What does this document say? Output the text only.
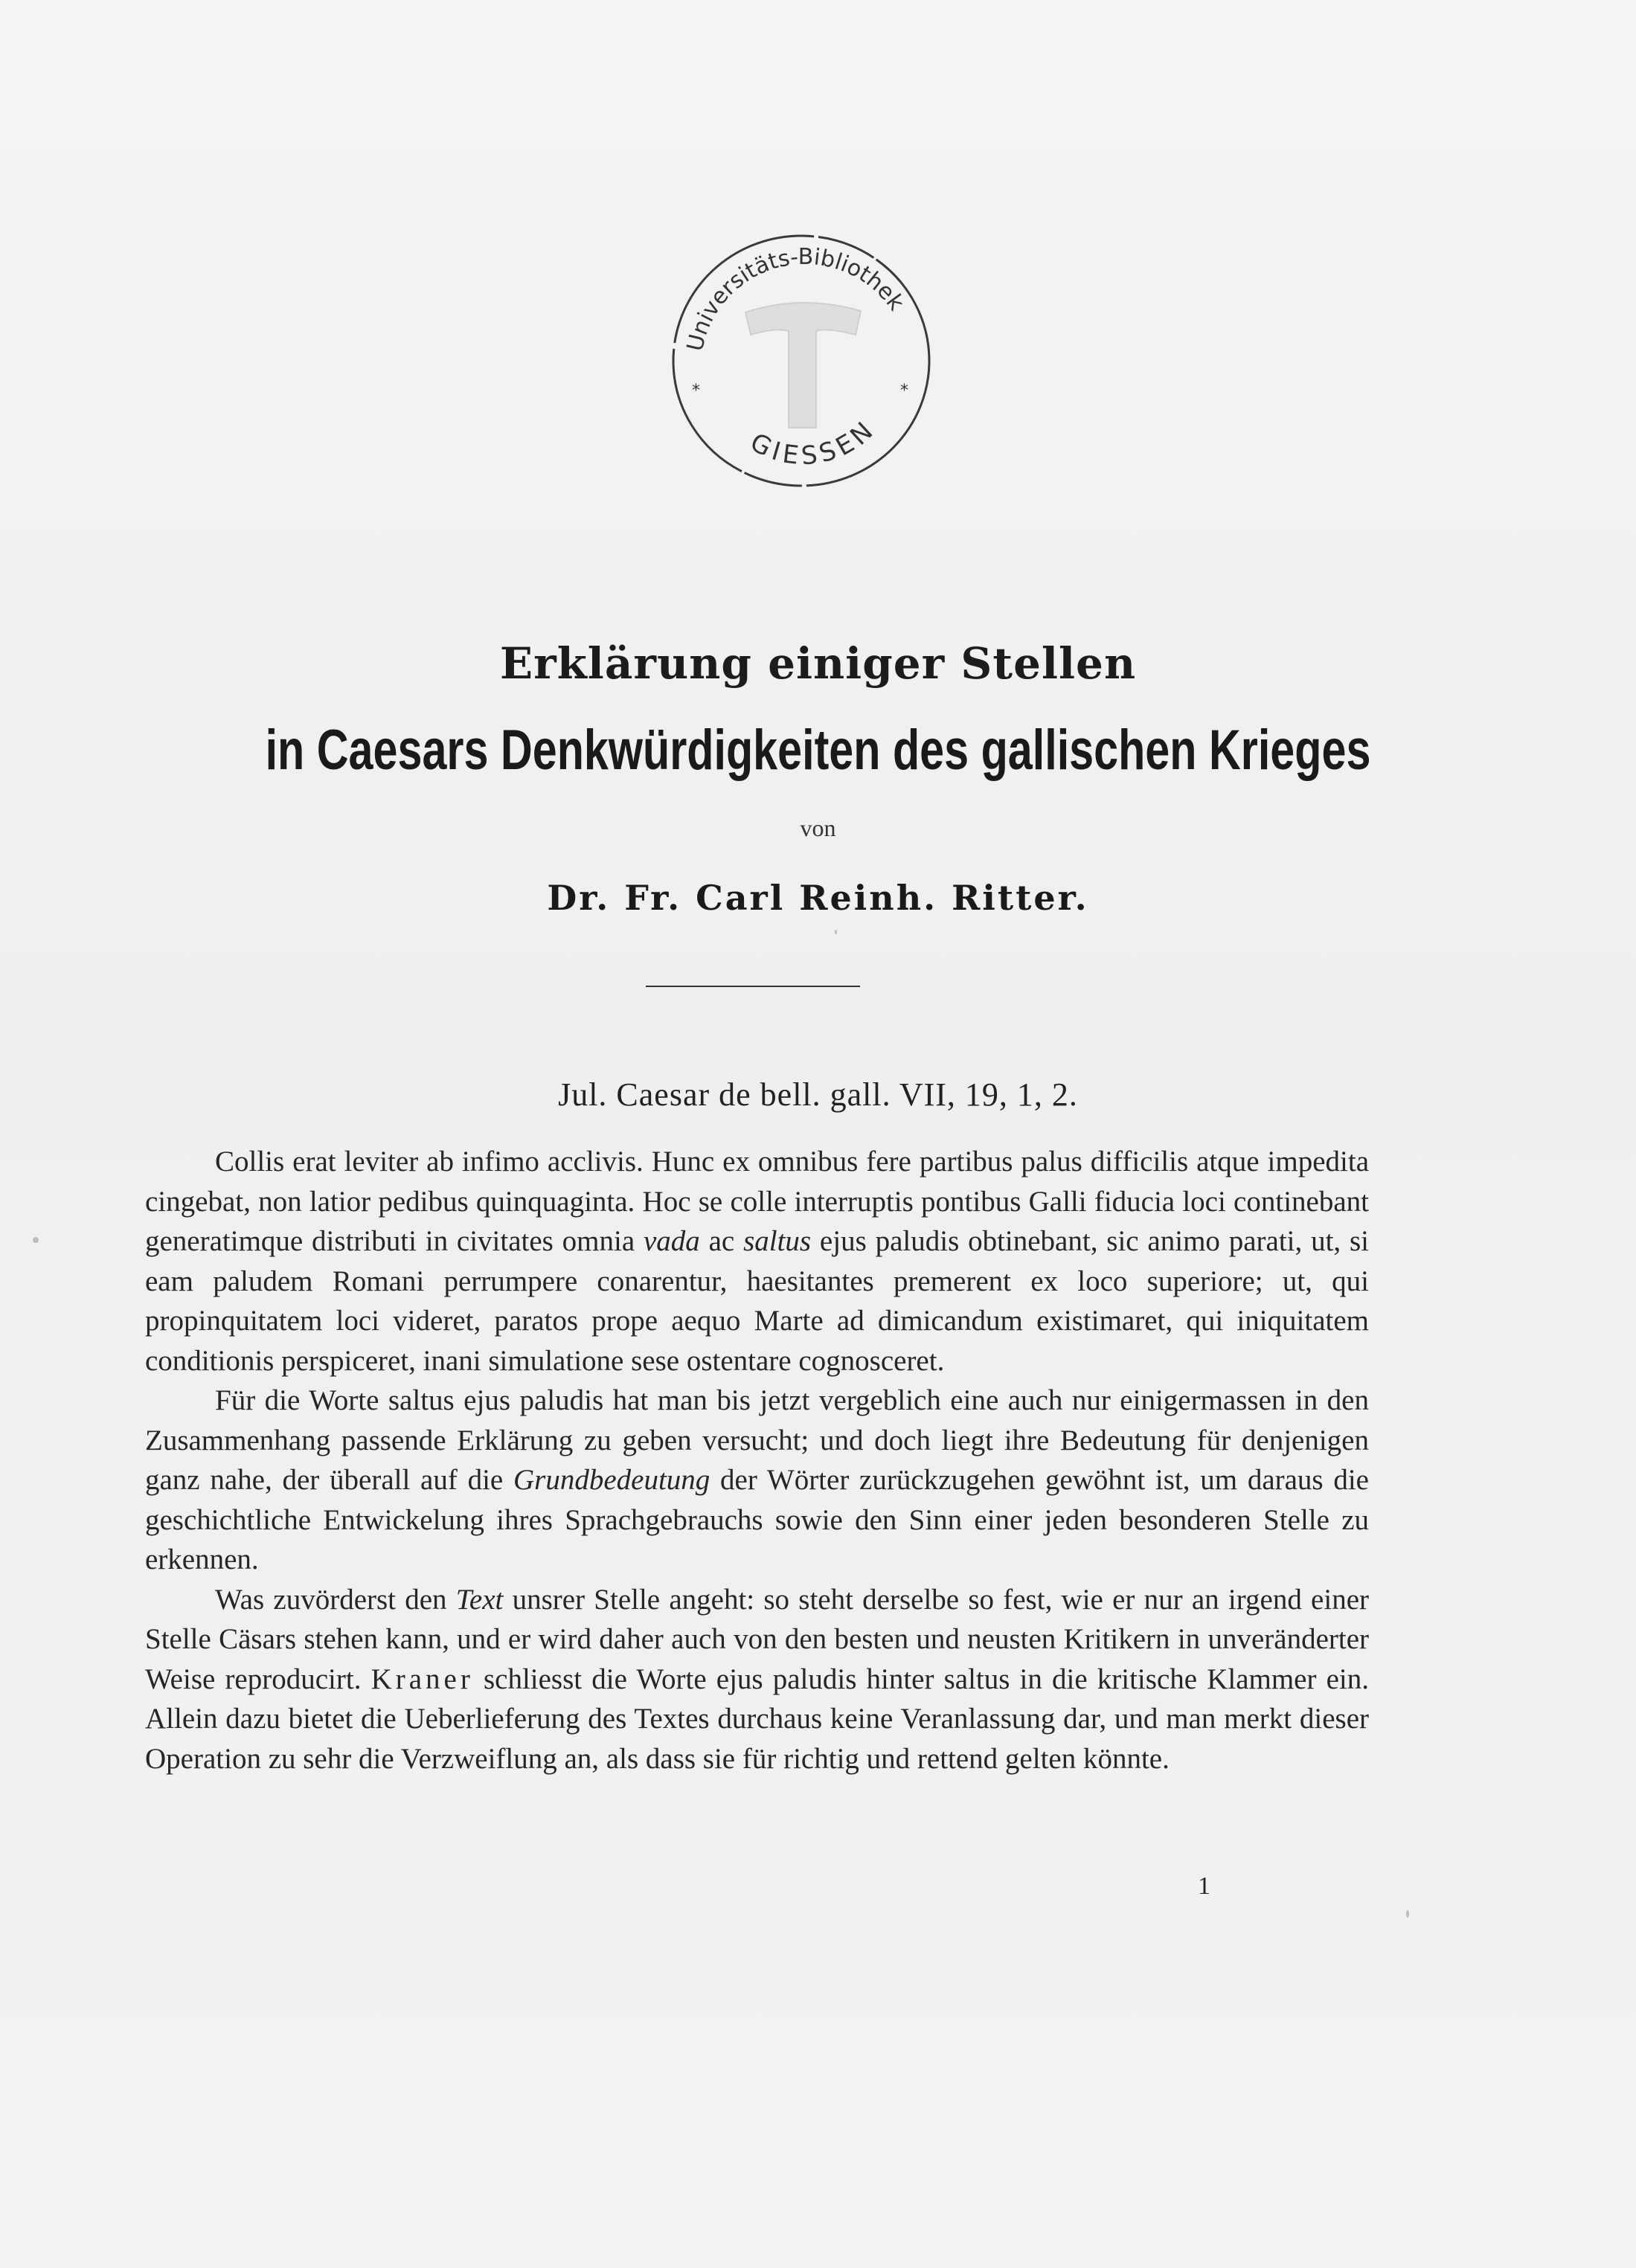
Universitäts-Bibliothek
GIESSEN
*	*
Erklärung einiger Stellen
in Caesars Denkwürdigkeiten des gallischen Krieges
von
Dr. Fr. Carl Reinh. Ritter.
Jul. Caesar de bell. gall. VII, 19, 1, 2.

Collis erat leviter ab infimo acclivis. Hunc ex omnibus fere partibus palus difficilis atque impedita cingebat, non latior pedibus quinquaginta. Hoc se colle interruptis pontibus Galli fiducia loci continebant generatimque distributi in civitates omnia vada ac saltus ejus paludis obtinebant, sic animo parati, ut, si eam paludem Romani perrumpere conarentur, haesitantes premerent ex loco superiore; ut, qui propinquitatem loci videret, paratos prope aequo Marte ad dimicandum existimaret, qui iniquitatem conditionis perspiceret, inani simulatione sese ostentare cognosceret.

Für die Worte saltus ejus paludis hat man bis jetzt vergeblich eine auch nur einigermassen in den Zusammenhang passende Erklärung zu geben versucht; und doch liegt ihre Bedeutung für denjenigen ganz nahe, der überall auf die Grundbedeutung der Wörter zurückzugehen gewöhnt ist, um daraus die geschichtliche Entwickelung ihres Sprachgebrauchs sowie den Sinn einer jeden besonderen Stelle zu erkennen.

Was zuvörderst den Text unsrer Stelle angeht: so steht derselbe so fest, wie er nur an irgend einer Stelle Cäsars stehen kann, und er wird daher auch von den besten und neusten Kritikern in unveränderter Weise reproducirt. Kraner schliesst die Worte ejus paludis hinter saltus in die kritische Klammer ein. Allein dazu bietet die Ueberlieferung des Textes durchaus keine Veranlassung dar, und man merkt dieser Operation zu sehr die Verzweiflung an, als dass sie für richtig und rettend gelten könnte.

1
